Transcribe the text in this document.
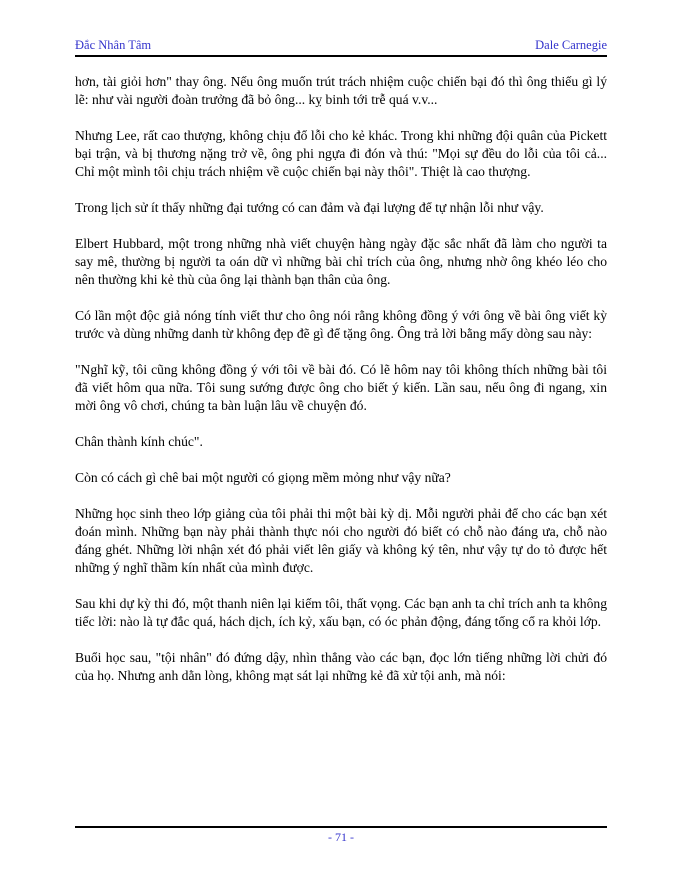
Đắc Nhân Tâm	Dale Carnegie

hơn, tài giỏi hơn" thay ông. Nếu ông muốn trút trách nhiệm cuộc chiến bại đó thì ông thiếu gì lý lẽ: như vài người đoàn trưởng đã bỏ ông... kỵ binh tới trễ quá v.v...

Nhưng Lee, rất cao thượng, không chịu đổ lỗi cho kẻ khác. Trong khi những đội quân của Pickett bại trận, và bị thương nặng trở về, ông phi ngựa đi đón và thú: "Mọi sự đều do lỗi của tôi cả... Chỉ một mình tôi chịu trách nhiệm về cuộc chiến bại này thôi". Thiệt là cao thượng.

Trong lịch sử ít thấy những đại tướng có can đảm và đại lượng để tự nhận lỗi như vậy.

Elbert Hubbard, một trong những nhà viết chuyện hàng ngày đặc sắc nhất đã làm cho người ta say mê, thường bị người ta oán dữ vì những bài chỉ trích của ông, nhưng nhờ ông khéo léo cho nên thường khi kẻ thù của ông lại thành bạn thân của ông.

Có lần một độc giả nóng tính viết thư cho ông nói rằng không đồng ý với ông về bài ông viết kỳ trước và dùng những danh từ không đẹp đẽ gì để tặng ông. Ông trả lời bằng mấy dòng sau này:

"Nghĩ kỹ, tôi cũng không đồng ý với tôi về bài đó. Có lẽ hôm nay tôi không thích những bài tôi đã viết hôm qua nữa. Tôi sung sướng được ông cho biết ý kiến. Lần sau, nếu ông đi ngang, xin mời ông vô chơi, chúng ta bàn luận lâu về chuyện đó.

Chân thành kính chúc".

Còn có cách gì chê bai một người có giọng mềm mỏng như vậy nữa?

Những học sinh theo lớp giảng của tôi phải thi một bài kỳ dị. Mỗi người phải để cho các bạn xét đoán mình. Những bạn này phải thành thực nói cho người đó biết có chỗ nào đáng ưa, chỗ nào đáng ghét. Những lời nhận xét đó phải viết lên giấy và không ký tên, như vậy tự do tỏ được hết những ý nghĩ thầm kín nhất của mình được.

Sau khi dự kỳ thi đó, một thanh niên lại kiếm tôi, thất vọng. Các bạn anh ta chỉ trích anh ta không tiếc lời: nào là tự đắc quá, hách dịch, ích kỷ, xấu bạn, có óc phản động, đáng tống cổ ra khỏi lớp.

Buổi học sau, "tội nhân" đó đứng dậy, nhìn thẳng vào các bạn, đọc lớn tiếng những lời chửi đó của họ. Nhưng anh dằn lòng, không mạt sát lại những kẻ đã xử tội anh, mà nói:

- 71 -
